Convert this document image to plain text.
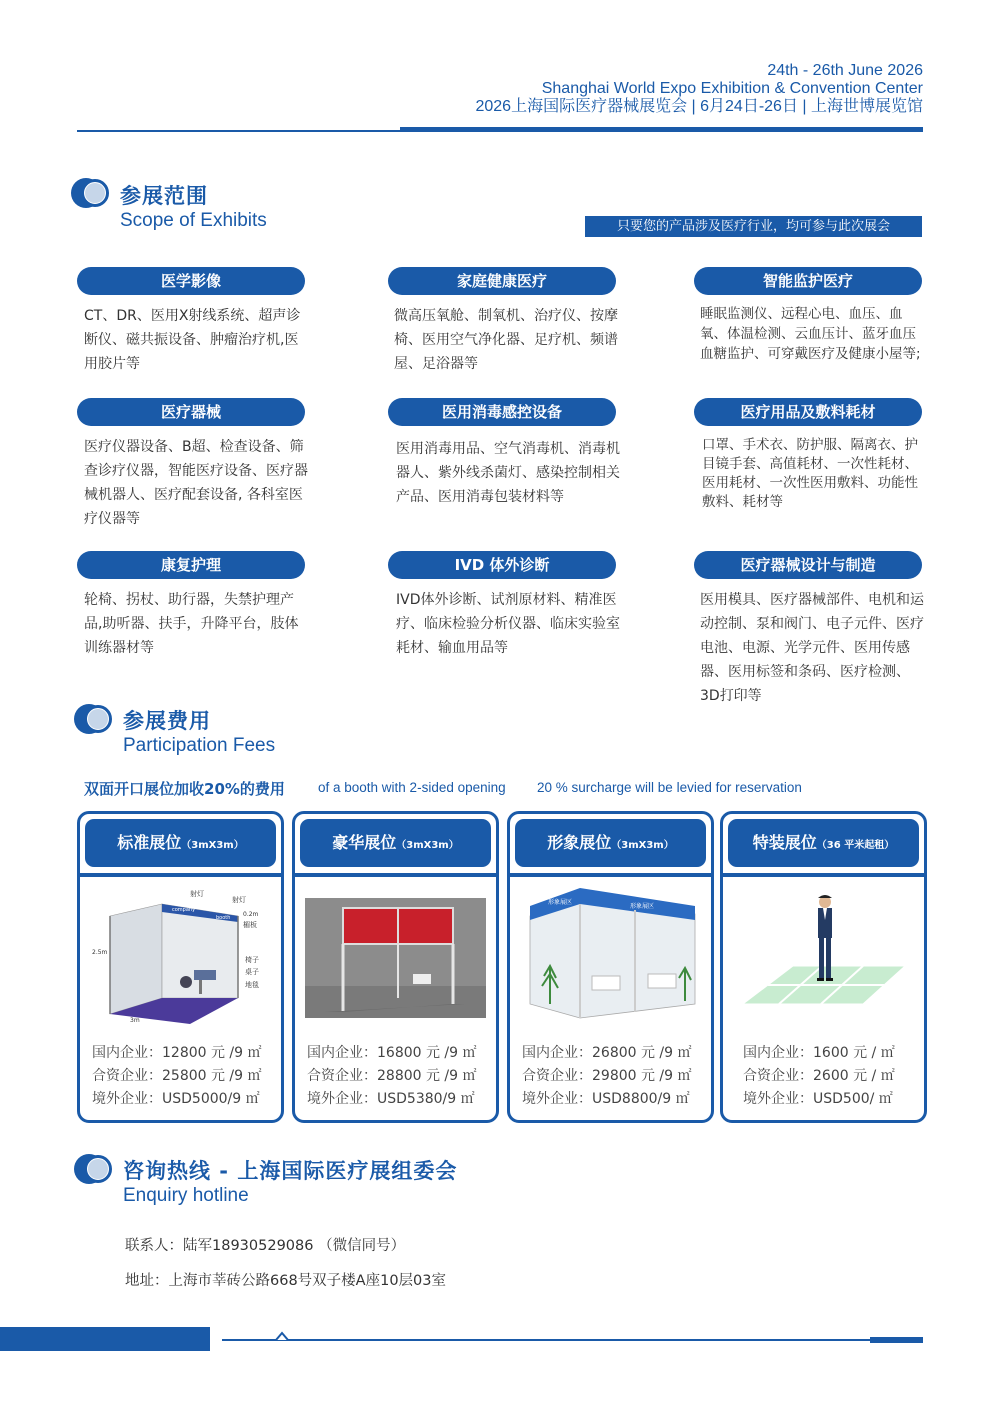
24th - 26th June 2026
Shanghai World Expo Exhibition & Convention Center
2026上海国际医疗器械展览会 | 6月24日-26日 | 上海世博展览馆
参展范围
Scope of Exhibits	只要您的产品涉及医疗行业，均可参与此次展会
医学影像
CT、DR、医用X射线系统、超声诊断仪、磁共振设备、肿瘤治疗机,医用胶片等
医疗器械
医疗仪器设备、B超、检查设备、筛查诊疗仪器，智能医疗设备、医疗器械机器人、医疗配套设备, 各科室医疗仪器等
康复护理
轮椅、拐杖、助行器，失禁护理产品,助听器、扶手，升降平台，肢体训练器材等
家庭健康医疗
微高压氧舱、制氧机、治疗仪、按摩椅、医用空气净化器、足疗机、频谱屋、足浴器等
医用消毒感控设备
医用消毒用品、空气消毒机、消毒机器人、紫外线杀菌灯、感染控制相关产品、医用消毒包装材料等
IVD 体外诊断
IVD体外诊断、试剂原材料、精准医疗、临床检验分析仪器、临床实验室耗材、输血用品等
智能监护医疗
睡眠监测仪、远程心电、血压、血氧、体温检测、云血压计、蓝牙血压血糖监护、可穿戴医疗及健康小屋等;
医疗用品及敷料耗材
口罩、手术衣、防护服、隔离衣、护目镜手套、高值耗材、一次性耗材、医用耗材、一次性医用敷料、功能性敷料、耗材等
医疗器械设计与制造
医用模具、医疗器械部件、电机和运动控制、泵和阀门、电子元件、医疗电池、电源、光学元件、医用传感器、医用标签和条码、医疗检测、3D打印等
参展费用
Participation Fees
双面开口展位加收20%的费用 of a booth with 2-sided opening 20 % surcharge will be levied for reservation
标准展位（3mX3m）
company
booth
射灯
射灯
0.2m
楣板
椅子
桌子
地毯
2.5m
3m
国内企业：12800 元 /9 ㎡
合资企业：25800 元 /9 ㎡
境外企业：USD5000/9 ㎡
豪华展位（3mX3m）
国内企业：16800 元 /9 ㎡
合资企业：28800 元 /9 ㎡
境外企业：USD5380/9 ㎡
形象展位（3mX3m）
形象展区
形象展区
国内企业：26800 元 /9 ㎡
合资企业：29800 元 /9 ㎡
境外企业：USD8800/9 ㎡
特装展位（36 平米起租）
国内企业：1600 元 / ㎡
合资企业：2600 元 / ㎡
境外企业：USD500/ ㎡
咨询热线 - 上海国际医疗展组委会
Enquiry hotline
联系人：陆军18930529086 （微信同号）
地址：上海市莘砖公路668号双子楼A座10层03室
